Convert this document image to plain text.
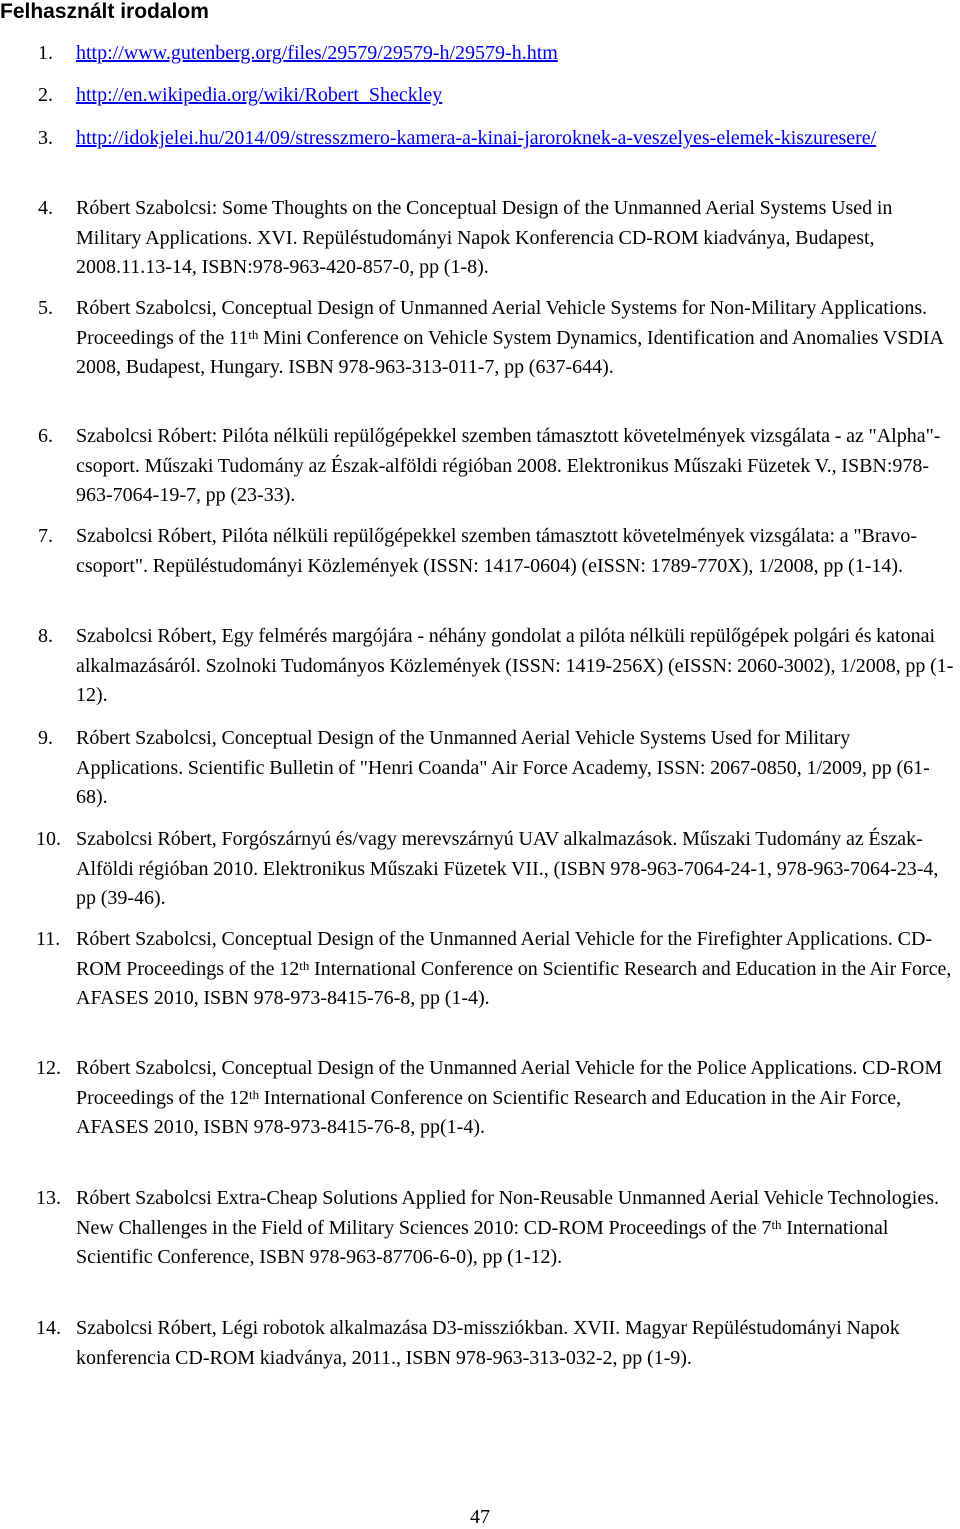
Felhasznált irodalom
1.	http://www.gutenberg.org/files/29579/29579-h/29579-h.htm
2.	http://en.wikipedia.org/wiki/Robert_Sheckley
3.	http://idokjelei.hu/2014/09/stresszmero-kamera-a-kinai-jaroroknek-a-veszelyes-elemek-kiszuresere/
4.	Róbert Szabolcsi: Some Thoughts on the Conceptual Design of the Unmanned Aerial Systems Used in Military Applications. XVI. Repüléstudományi Napok Konferencia CD-ROM kiadványa, Budapest, 2008.11.13-14, ISBN:978-963-420-857-0, pp (1-8).
5.	Róbert Szabolcsi, Conceptual Design of Unmanned Aerial Vehicle Systems for Non-Military Applications. Proceedings of the 11th Mini Conference on Vehicle System Dynamics, Identification and Anomalies VSDIA 2008, Budapest, Hungary. ISBN 978-963-313-011-7, pp (637-644).
6.	Szabolcsi Róbert: Pilóta nélküli repülőgépekkel szemben támasztott követelmények vizsgálata - az "Alpha"-csoport. Műszaki Tudomány az Észak-alföldi régióban 2008. Elektronikus Műszaki Füzetek V., ISBN:978-963-7064-19-7, pp (23-33).
7.	Szabolcsi Róbert, Pilóta nélküli repülőgépekkel szemben támasztott követelmények vizsgálata: a "Bravo-csoport". Repüléstudományi Közlemények (ISSN: 1417-0604) (eISSN: 1789-770X), 1/2008, pp (1-14).
8.	Szabolcsi Róbert, Egy felmérés margójára - néhány gondolat a pilóta nélküli repülőgépek polgári és katonai alkalmazásáról. Szolnoki Tudományos Közlemények (ISSN: 1419-256X) (eISSN: 2060-3002), 1/2008, pp (1-12).
9.	Róbert Szabolcsi, Conceptual Design of the Unmanned Aerial Vehicle Systems Used for Military Applications. Scientific Bulletin of "Henri Coanda" Air Force Academy, ISSN: 2067-0850, 1/2009, pp (61-68).
10. Szabolcsi Róbert, Forgószárnyú és/vagy merevszárnyú UAV alkalmazások. Műszaki Tudomány az Észak-Alföldi régióban 2010. Elektronikus Műszaki Füzetek VII., (ISBN 978-963-7064-24-1, 978-963-7064-23-4, pp (39-46).
11. Róbert Szabolcsi, Conceptual Design of the Unmanned Aerial Vehicle for the Firefighter Applications. CD-ROM Proceedings of the 12th International Conference on Scientific Research and Education in the Air Force, AFASES 2010, ISBN 978-973-8415-76-8, pp (1-4).
12. Róbert Szabolcsi, Conceptual Design of the Unmanned Aerial Vehicle for the Police Applications. CD-ROM Proceedings of the 12th International Conference on Scientific Research and Education in the Air Force, AFASES 2010, ISBN 978-973-8415-76-8, pp(1-4).
13. Róbert Szabolcsi Extra-Cheap Solutions Applied for Non-Reusable Unmanned Aerial Vehicle Technologies. New Challenges in the Field of Military Sciences 2010: CD-ROM Proceedings of the 7th International Scientific Conference, ISBN 978-963-87706-6-0), pp (1-12).
14. Szabolcsi Róbert, Légi robotok alkalmazása D3-missziókban. XVII. Magyar Repüléstudományi Napok konferencia CD-ROM kiadványa, 2011., ISBN 978-963-313-032-2, pp (1-9).
47
